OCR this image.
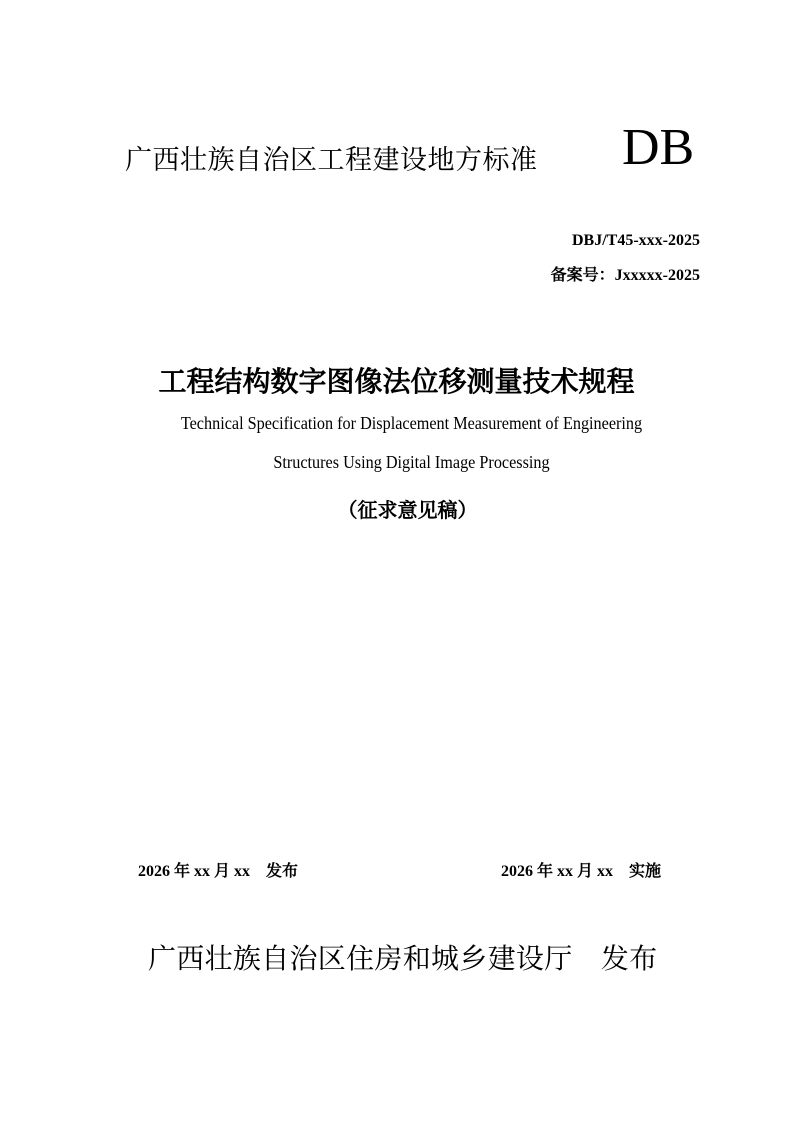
广西壮族自治区工程建设地方标准 DB
DBJ/T45-xxx-2025
备案号：Jxxxxx-2025
工程结构数字图像法位移测量技术规程
Technical Specification for Displacement Measurement of Engineering
Structures Using Digital Image Processing
（征求意见稿）
2026 年 xx 月 xx　发布	2026 年 xx 月 xx　实施
广西壮族自治区住房和城乡建设厅　发布
